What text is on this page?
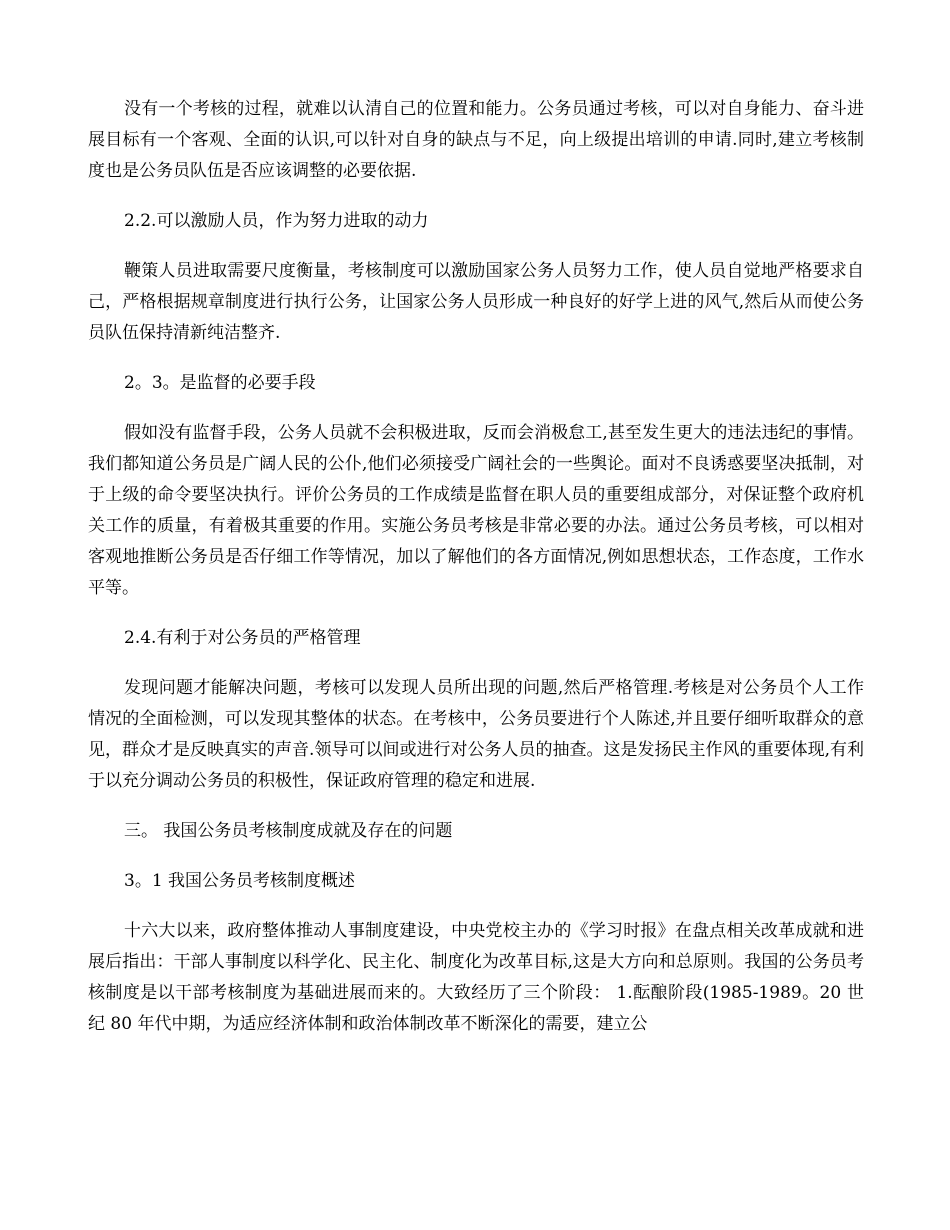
没有一个考核的过程，就难以认清自己的位置和能力。公务员通过考核，可以对自身能力、奋斗进展目标有一个客观、全面的认识,可以针对自身的缺点与不足，向上级提出培训的申请.同时,建立考核制度也是公务员队伍是否应该调整的必要依据.

2.2.可以激励人员，作为努力进取的动力

鞭策人员进取需要尺度衡量，考核制度可以激励国家公务人员努力工作，使人员自觉地严格要求自己，严格根据规章制度进行执行公务，让国家公务人员形成一种良好的好学上进的风气,然后从而使公务员队伍保持清新纯洁整齐.

2。3。是监督的必要手段

假如没有监督手段，公务人员就不会积极进取，反而会消极怠工,甚至发生更大的违法违纪的事情。我们都知道公务员是广阔人民的公仆,他们必须接受广阔社会的一些舆论。面对不良诱惑要坚决抵制，对于上级的命令要坚决执行。评价公务员的工作成绩是监督在职人员的重要组成部分，对保证整个政府机关工作的质量，有着极其重要的作用。实施公务员考核是非常必要的办法。通过公务员考核，可以相对客观地推断公务员是否仔细工作等情况，加以了解他们的各方面情况,例如思想状态，工作态度，工作水平等。

2.4.有利于对公务员的严格管理

发现问题才能解决问题，考核可以发现人员所出现的问题,然后严格管理.考核是对公务员个人工作情况的全面检测，可以发现其整体的状态。在考核中，公务员要进行个人陈述,并且要仔细听取群众的意见，群众才是反映真实的声音.领导可以间或进行对公务人员的抽查。这是发扬民主作风的重要体现,有利于以充分调动公务员的积极性，保证政府管理的稳定和进展.

三。 我国公务员考核制度成就及存在的问题

3。1 我国公务员考核制度概述

十六大以来，政府整体推动人事制度建设，中央党校主办的《学习时报》在盘点相关改革成就和进展后指出：干部人事制度以科学化、民主化、制度化为改革目标,这是大方向和总原则。我国的公务员考核制度是以干部考核制度为基础进展而来的。大致经历了三个阶段： 1.酝酿阶段(1985-1989。20 世纪 80 年代中期，为适应经济体制和政治体制改革不断深化的需要，建立公
